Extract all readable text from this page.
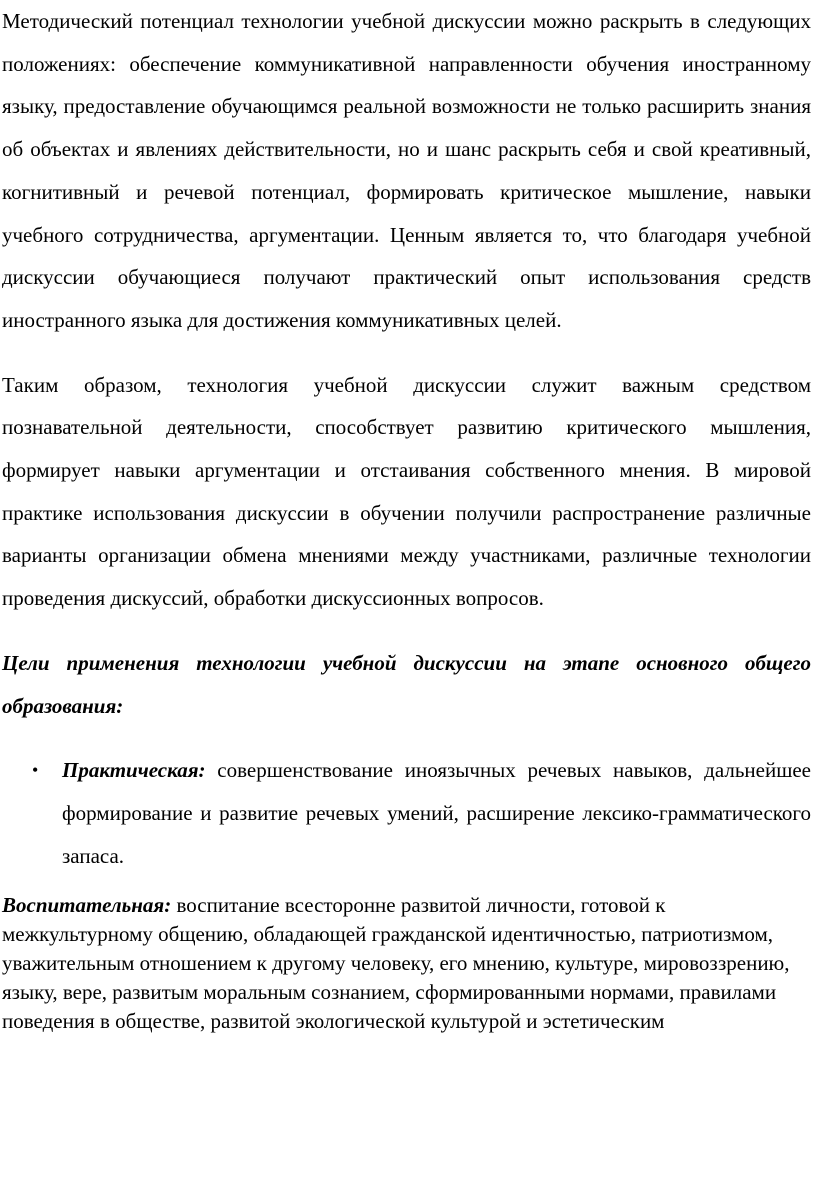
Методический потенциал технологии учебной дискуссии можно раскрыть в следующих положениях: обеспечение коммуникативной направленности обучения иностранному языку, предоставление обучающимся реальной возможности не только расширить знания об объектах и явлениях действительности, но и шанс раскрыть себя и свой креативный, когнитивный и речевой потенциал, формировать критическое мышление, навыки учебного сотрудничества, аргументации. Ценным является то, что благодаря учебной дискуссии обучающиеся получают практический опыт использования средств иностранного языка для достижения коммуникативных целей.

Таким образом, технология учебной дискуссии служит важным средством познавательной деятельности, способствует развитию критического мышления, формирует навыки аргументации и отстаивания собственного мнения. В мировой практике использования дискуссии в обучении получили распространение различные варианты организации обмена мнениями между участниками, различные технологии проведения дискуссий, обработки дискуссионных вопросов.

Цели применения технологии учебной дискуссии на этапе основного общего образования:

• Практическая: совершенствование иноязычных речевых навыков, дальнейшее формирование и развитие речевых умений, расширение лексико-грамматического запаса.

Воспитательная: воспитание всесторонне развитой личности, готовой к межкультурному общению, обладающей гражданской идентичностью, патриотизмом, уважительным отношением к другому человеку, его мнению, культуре, мировоззрению, языку, вере, развитым моральным сознанием, сформированными нормами, правилами поведения в обществе, развитой экологической культурой и эстетическим
